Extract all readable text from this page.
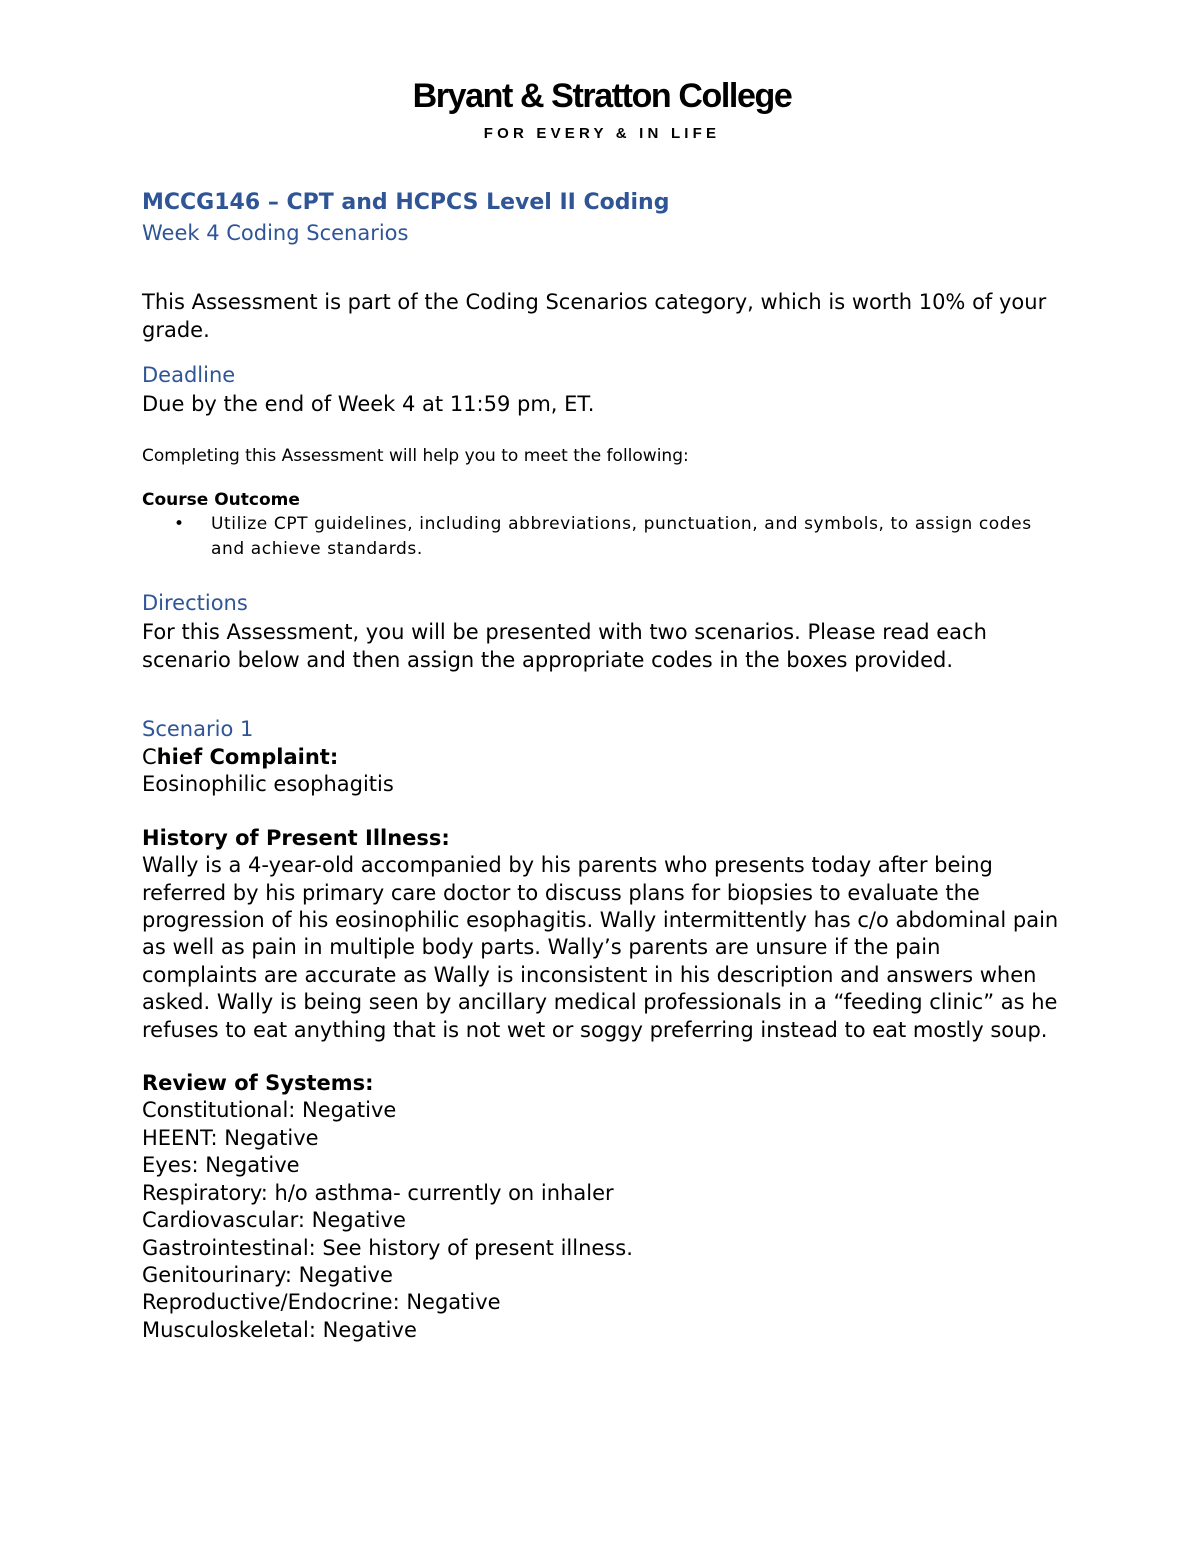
Bryant & Stratton College
FOR EVERY & IN LIFE

MCCG146 – CPT and HCPCS Level II Coding

Week 4 Coding Scenarios

This Assessment is part of the Coding Scenarios category, which is worth 10% of your grade.

Deadline

Due by the end of Week 4 at 11:59 pm, ET.

Completing this Assessment will help you to meet the following:

Course Outcome

• Utilize CPT guidelines, including abbreviations, punctuation, and symbols, to assign codes and achieve standards.

Directions

For this Assessment, you will be presented with two scenarios. Please read each scenario below and then assign the appropriate codes in the boxes provided.

Scenario 1

Chief Complaint:

Eosinophilic esophagitis

History of Present Illness:

Wally is a 4-year-old accompanied by his parents who presents today after being referred by his primary care doctor to discuss plans for biopsies to evaluate the progression of his eosinophilic esophagitis. Wally intermittently has c/o abdominal pain as well as pain in multiple body parts. Wally’s parents are unsure if the pain complaints are accurate as Wally is inconsistent in his description and answers when asked. Wally is being seen by ancillary medical professionals in a “feeding clinic” as he refuses to eat anything that is not wet or soggy preferring instead to eat mostly soup.

Review of Systems:

Constitutional: Negative

HEENT: Negative

Eyes: Negative

Respiratory: h/o asthma- currently on inhaler

Cardiovascular: Negative

Gastrointestinal: See history of present illness.

Genitourinary: Negative

Reproductive/Endocrine: Negative

Musculoskeletal: Negative
